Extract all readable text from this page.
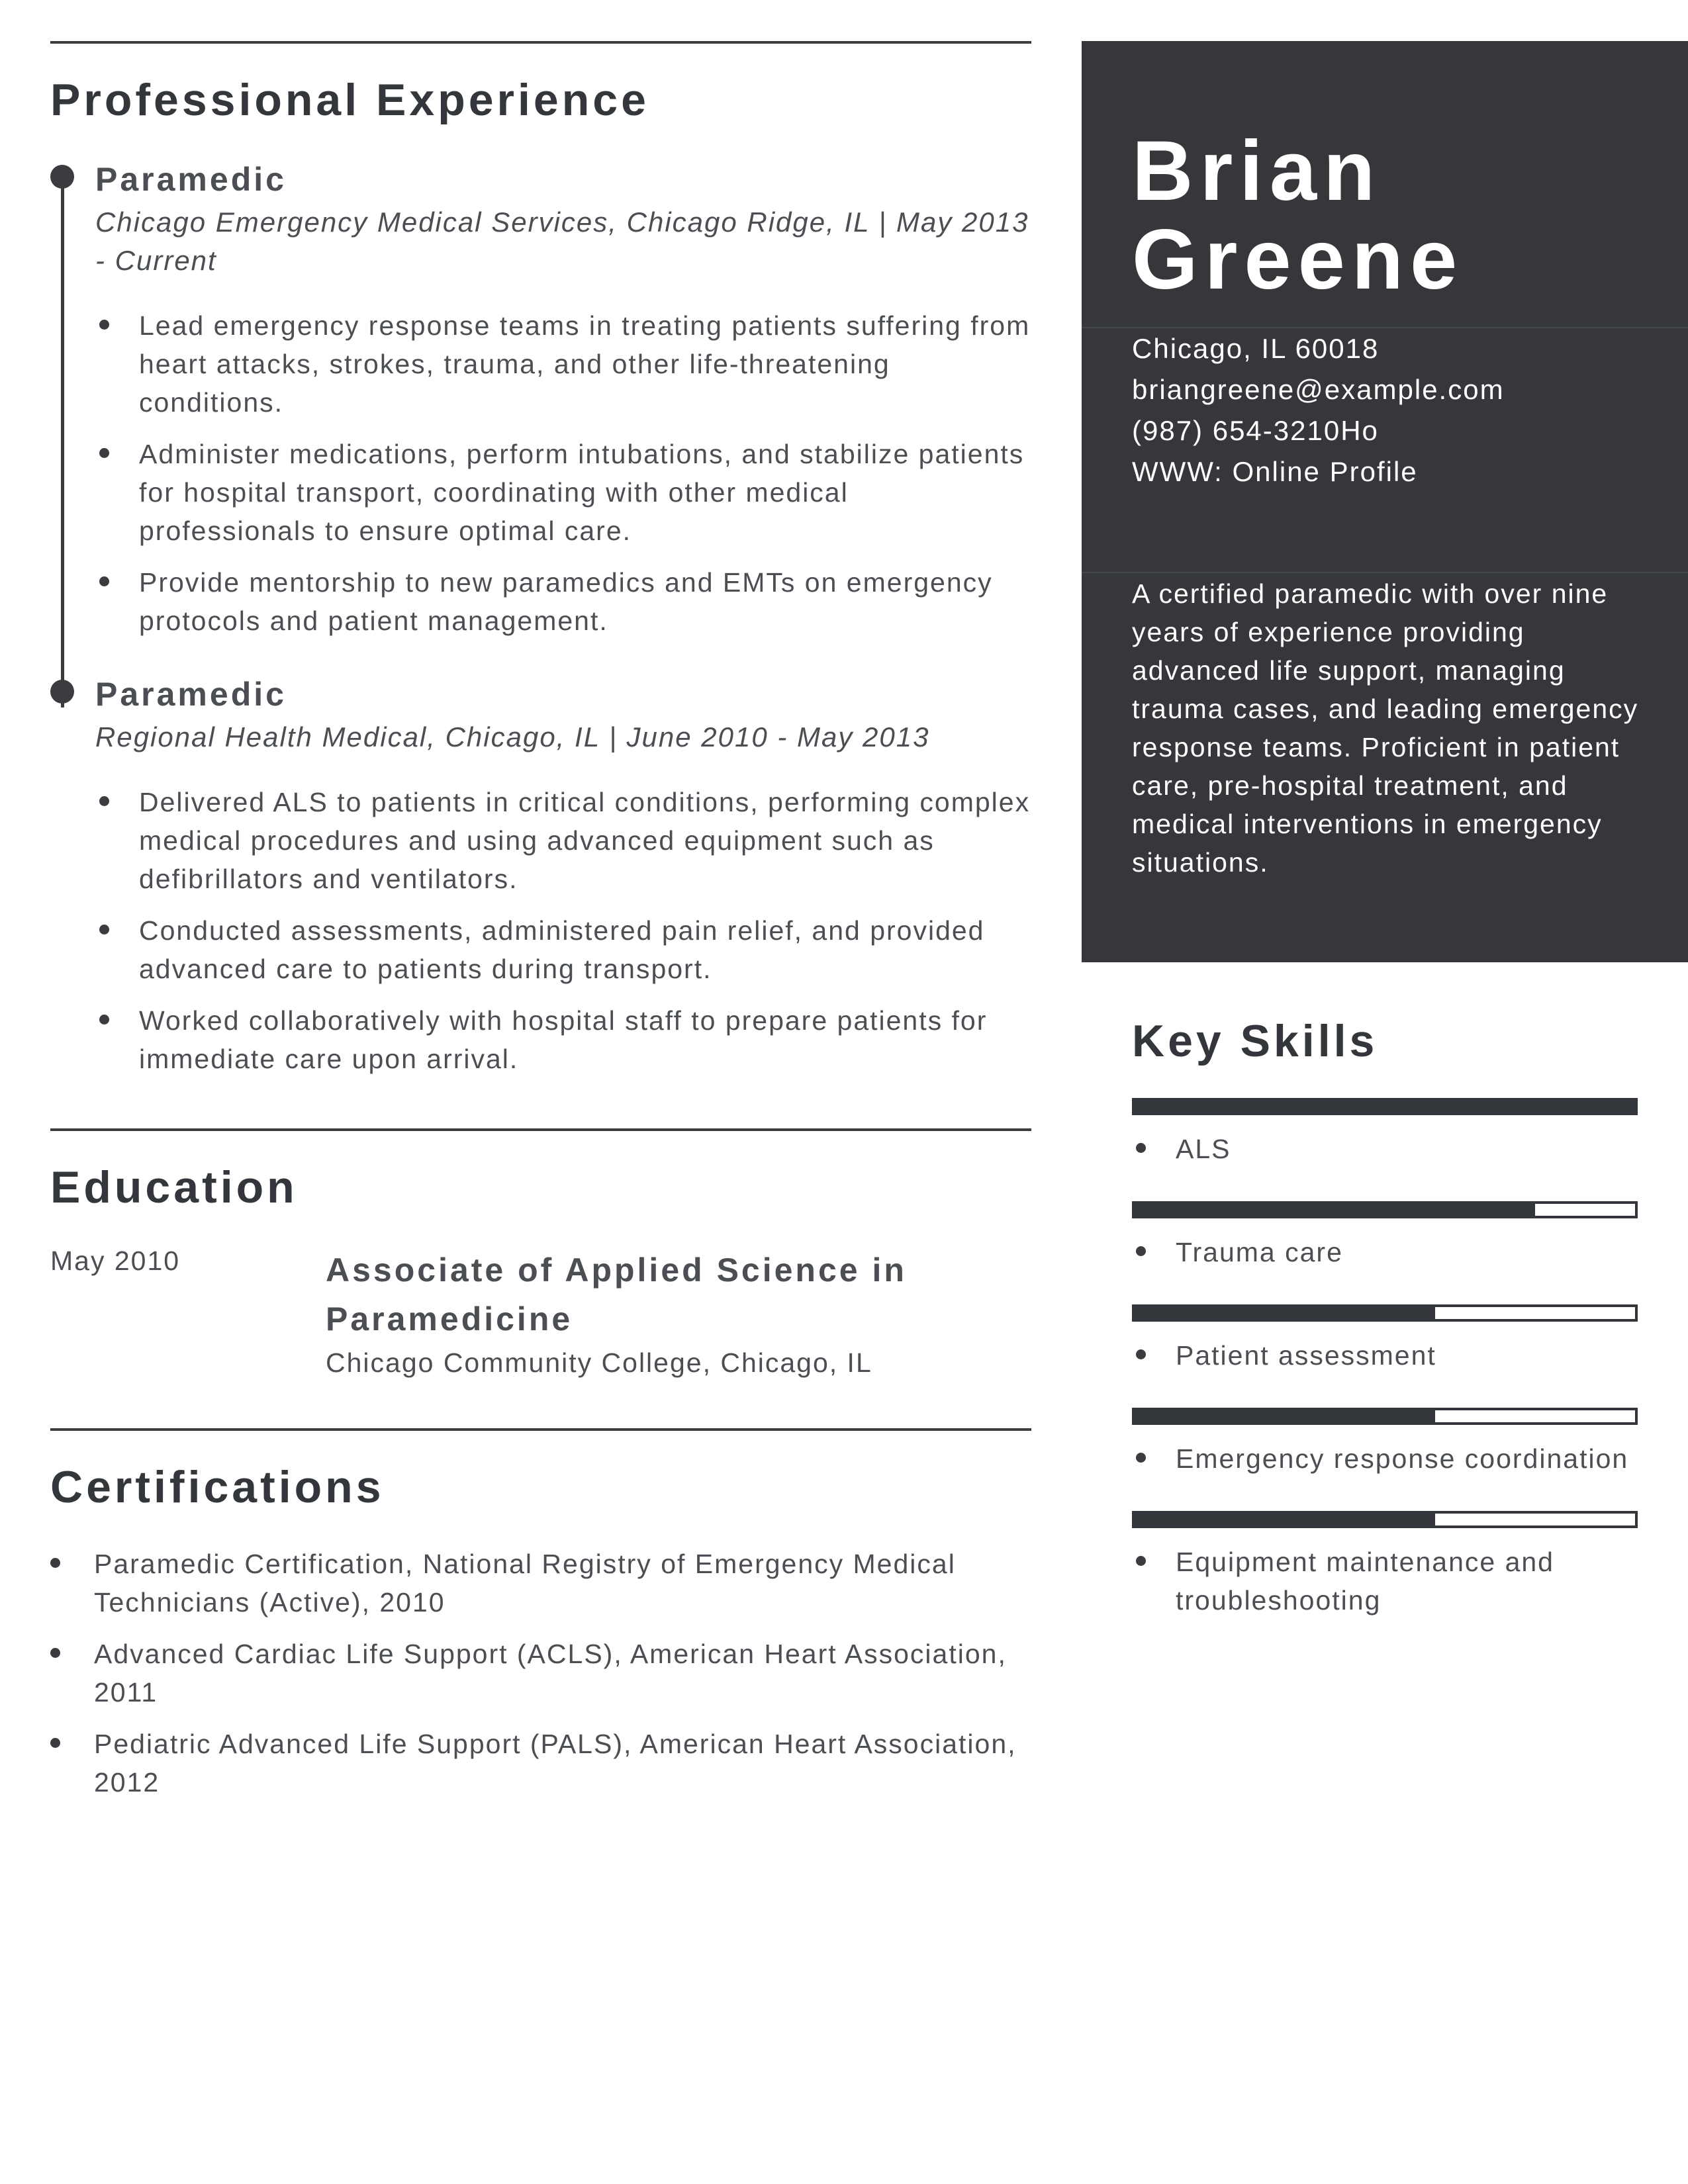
Professional Experience
Paramedic
Chicago Emergency Medical Services, Chicago Ridge, IL | May 2013 - Current
Lead emergency response teams in treating patients suffering from heart attacks, strokes, trauma, and other life-threatening conditions.
Administer medications, perform intubations, and stabilize patients for hospital transport, coordinating with other medical professionals to ensure optimal care.
Provide mentorship to new paramedics and EMTs on emergency protocols and patient management.
Paramedic
Regional Health Medical, Chicago, IL | June 2010 - May 2013
Delivered ALS to patients in critical conditions, performing complex medical procedures and using advanced equipment such as defibrillators and ventilators.
Conducted assessments, administered pain relief, and provided advanced care to patients during transport.
Worked collaboratively with hospital staff to prepare patients for immediate care upon arrival.
Education
May 2010	Associate of Applied Science in Paramedicine
Chicago Community College, Chicago, IL
Certifications
Paramedic Certification, National Registry of Emergency Medical Technicians (Active), 2010
Advanced Cardiac Life Support (ACLS), American Heart Association, 2011
Pediatric Advanced Life Support (PALS), American Heart Association, 2012
Brian
Greene
Chicago, IL 60018
briangreene@example.com
(987) 654-3210Ho
WWW: Online Profile
A certified paramedic with over nine years of experience providing advanced life support, managing trauma cases, and leading emergency response teams. Proficient in patient care, pre-hospital treatment, and medical interventions in emergency situations.
Key Skills
ALS
Trauma care
Patient assessment
Emergency response coordination
Equipment maintenance and troubleshooting
